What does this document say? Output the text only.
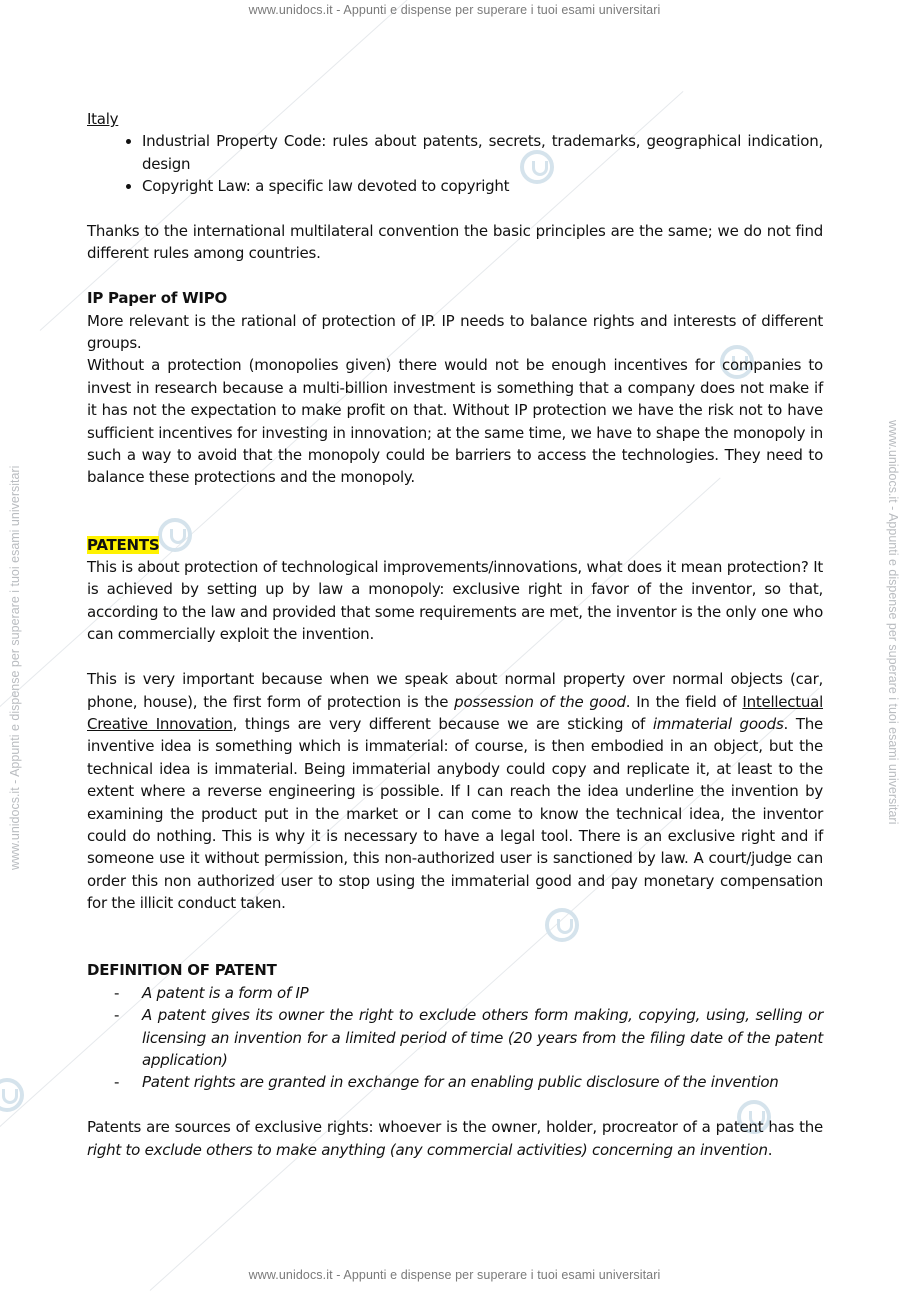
www.unidocs.it - Appunti e dispense per superare i tuoi esami universitari
www.unidocs.it - Appunti e dispense per superare i tuoi esami universitari
www.unidocs.it - Appunti e dispense per superare i tuoi esami universitari	www.unidocs.it - Appunti e dispense per superare i tuoi esami universitari

Italy

• Industrial Property Code: rules about patents, secrets, trademarks, geographical indication, design
• Copyright Law: a specific law devoted to copyright

Thanks to the international multilateral convention the basic principles are the same; we do not find different rules among countries.

IP Paper of WIPO

More relevant is the rational of protection of IP. IP needs to balance rights and interests of different groups.

Without a protection (monopolies given) there would not be enough incentives for companies to invest in research because a multi-billion investment is something that a company does not make if it has not the expectation to make profit on that. Without IP protection we have the risk not to have sufficient incentives for investing in innovation; at the same time, we have to shape the monopoly in such a way to avoid that the monopoly could be barriers to access the technologies. They need to balance these protections and the monopoly.

PATENTS

This is about protection of technological improvements/innovations, what does it mean protection? It is achieved by setting up by law a monopoly: exclusive right in favor of the inventor, so that, according to the law and provided that some requirements are met, the inventor is the only one who can commercially exploit the invention.

This is very important because when we speak about normal property over normal objects (car, phone, house), the first form of protection is the possession of the good. In the field of Intellectual Creative Innovation, things are very different because we are sticking of immaterial goods. The inventive idea is something which is immaterial: of course, is then embodied in an object, but the technical idea is immaterial. Being immaterial anybody could copy and replicate it, at least to the extent where a reverse engineering is possible. If I can reach the idea underline the invention by examining the product put in the market or I can come to know the technical idea, the inventor could do nothing. This is why it is necessary to have a legal tool. There is an exclusive right and if someone use it without permission, this non-authorized user is sanctioned by law. A court/judge can order this non authorized user to stop using the immaterial good and pay monetary compensation for the illicit conduct taken.

DEFINITION OF PATENT

- A patent is a form of IP
- A patent gives its owner the right to exclude others form making, copying, using, selling or licensing an invention for a limited period of time (20 years from the filing date of the patent application)
- Patent rights are granted in exchange for an enabling public disclosure of the invention

Patents are sources of exclusive rights: whoever is the owner, holder, procreator of a patent has the right to exclude others to make anything (any commercial activities) concerning an invention.
